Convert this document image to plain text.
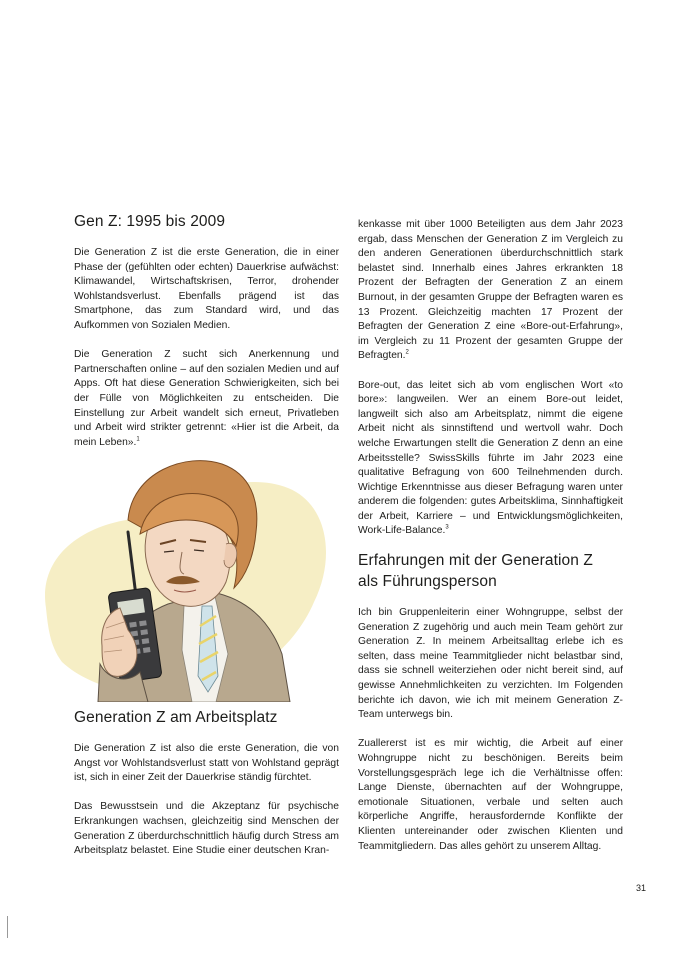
Gen Z: 1995 bis 2009

Die Generation Z ist die erste Generation, die in einer Phase der (gefühlten oder echten) Dauerkrise aufwächst: Klimawandel, Wirtschaftskrisen, Terror, drohender Wohlstandsverlust. Ebenfalls prägend ist das Smartphone, das zum Standard wird, und das Aufkommen von Sozialen Medien.

Die Generation Z sucht sich Anerkennung und Partnerschaften online – auf den sozialen Medien und auf Apps. Oft hat diese Generation Schwierigkeiten, sich bei der Fülle von Möglichkeiten zu entscheiden. Die Einstellung zur Arbeit wandelt sich erneut, Privatleben und Arbeit wird strikter getrennt: «Hier ist die Arbeit, da mein Leben».$^1$

Generation Z am Arbeitsplatz

Die Generation Z ist also die erste Generation, die von Angst vor Wohlstandsverlust statt von Wohlstand geprägt ist, sich in einer Zeit der Dauerkrise ständig fürchtet.

Das Bewusstsein und die Akzeptanz für psychische Erkrankungen wachsen, gleichzeitig sind Menschen der Generation Z überdurchschnittlich häufig durch Stress am Arbeitsplatz belastet. Eine Studie einer deutschen Kran-

kenkasse mit über 1000 Beteiligten aus dem Jahr 2023 ergab, dass Menschen der Generation Z im Vergleich zu den anderen Generationen überdurchschnittlich stark belastet sind. Innerhalb eines Jahres erkrankten 18 Prozent der Befragten der Generation Z an einem Burnout, in der gesamten Gruppe der Befragten waren es 13 Prozent. Gleichzeitig machten 17 Prozent der Befragten der Generation Z eine «Bore-out-Erfahrung», im Vergleich zu 11 Prozent der gesamten Gruppe der Befragten.$^2$

Bore-out, das leitet sich ab vom englischen Wort «to bore»: langweilen. Wer an einem Bore-out leidet, langweilt sich also am Arbeitsplatz, nimmt die eigene Arbeit nicht als sinnstiftend und wertvoll wahr. Doch welche Erwartungen stellt die Generation Z denn an eine Arbeitsstelle? SwissSkills führte im Jahr 2023 eine qualitative Befragung von 600 Teilnehmenden durch. Wichtige Erkenntnisse aus dieser Befragung waren unter anderem die folgenden: gutes Arbeitsklima, Sinnhaftigkeit der Arbeit, Karriere – und Entwicklungsmöglichkeiten, Work-Life-Balance.$^3$

Erfahrungen mit der Generation Z
als Führungsperson

Ich bin Gruppenleiterin einer Wohngruppe, selbst der Generation Z zugehörig und auch mein Team gehört zur Generation Z. In meinem Arbeitsalltag erlebe ich es selten, dass meine Teammitglieder nicht belastbar sind, dass sie schnell weiterziehen oder nicht bereit sind, auf gewisse Annehmlichkeiten zu verzichten. Im Folgenden berichte ich davon, wie ich mit meinem Generation Z-Team unterwegs bin.

Zuallererst ist es mir wichtig, die Arbeit auf einer Wohngruppe nicht zu beschönigen. Bereits beim Vorstellungsgespräch lege ich die Verhältnisse offen: Lange Dienste, übernachten auf der Wohngruppe, emotionale Situationen, verbale und selten auch körperliche Angriffe, herausfordernde Konflikte der Klienten untereinander oder zwischen Klienten und Teammitgliedern. Das alles gehört zu unserem Alltag.

31
